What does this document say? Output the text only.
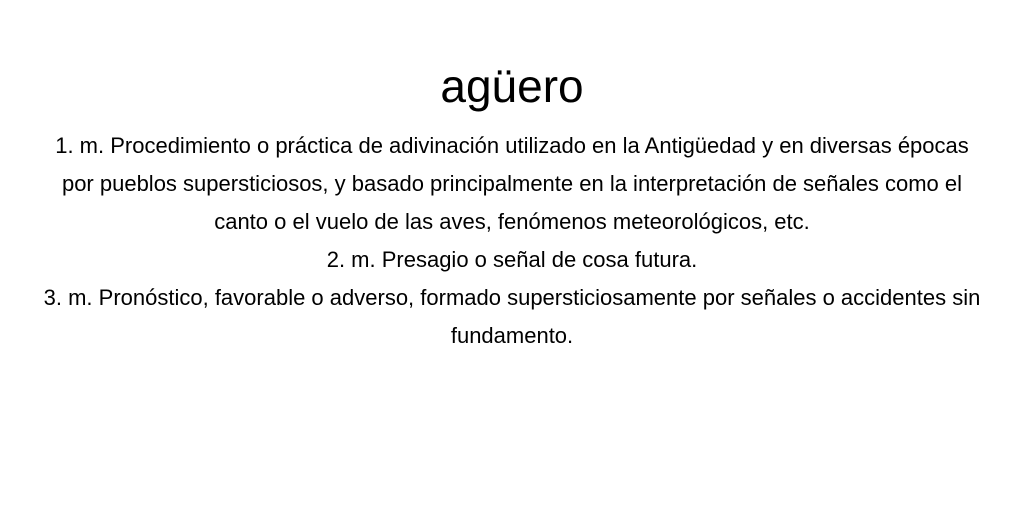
agüero
1. m. Procedimiento o práctica de adivinación utilizado en la Antigüedad y en diversas épocas por pueblos supersticiosos, y basado principalmente en la interpretación de señales como el canto o el vuelo de las aves, fenómenos meteorológicos, etc.
2. m. Presagio o señal de cosa futura.
3. m. Pronóstico, favorable o adverso, formado supersticiosamente por señales o accidentes sin fundamento.
